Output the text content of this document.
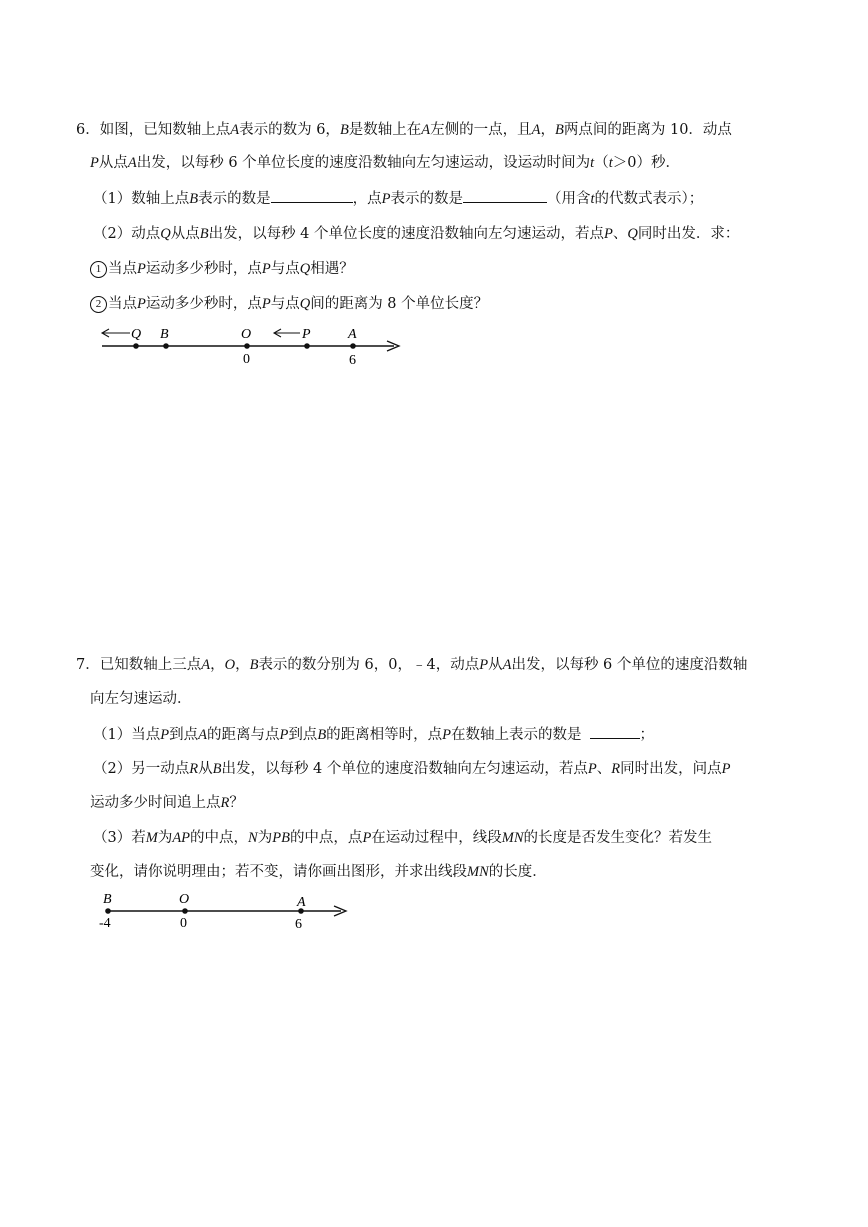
6．如图，已知数轴上点A表示的数为 6，B是数轴上在A左侧的一点，且A，B两点间的距离为 10．动点
P从点A出发，以每秒 6 个单位长度的速度沿数轴向左匀速运动，设运动时间为t（t＞0）秒．
（1）数轴上点B表示的数是	，点P表示的数是	（用含t的代数式表示）；
（2）动点Q从点B出发，以每秒 4 个单位长度的速度沿数轴向左匀速运动，若点P、Q同时出发．求：
1 当点P运动多少秒时，点P与点Q相遇？
2 当点P运动多少秒时，点P与点Q间的距离为 8 个单位长度？
Q B	O	P	A
0	6
7．已知数轴上三点A，O，B表示的数分别为 6，0，﹣4，动点P从A出发，以每秒 6 个单位的速度沿数轴
向左匀速运动．
（1）当点P到点A的距离与点P到点B的距离相等时，点P在数轴上表示的数是	；
（2）另一动点R从B出发，以每秒 4 个单位的速度沿数轴向左匀速运动，若点P、R同时出发，问点P
运动多少时间追上点R？
（3）若M为AP的中点，N为PB的中点，点P在运动过程中，线段MN的长度是否发生变化？若发生
变化，请你说明理由；若不变，请你画出图形，并求出线段MN的长度．
B	O	A
-4	0	6
